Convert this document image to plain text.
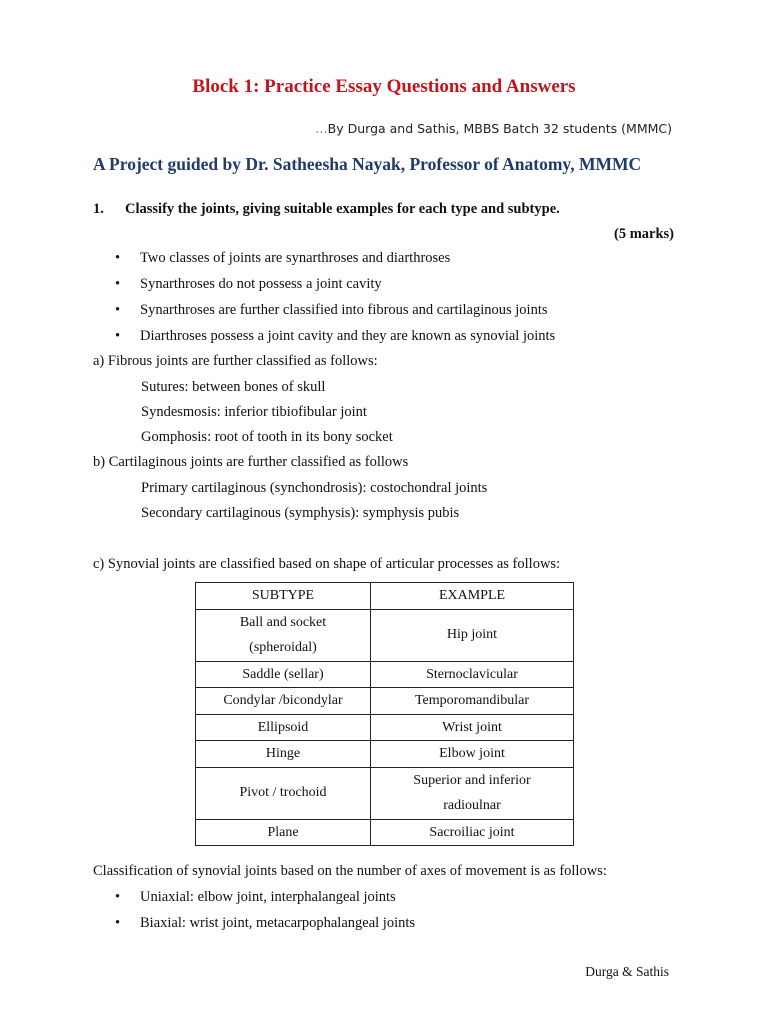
Block 1: Practice Essay Questions and Answers
…By Durga and Sathis, MBBS Batch 32 students (MMMC)
A Project guided by Dr. Satheesha Nayak, Professor of Anatomy, MMMC
1. Classify the joints, giving suitable examples for each type and subtype.
(5 marks)
• Two classes of joints are synarthroses and diarthroses
• Synarthroses do not possess a joint cavity
• Synarthroses are further classified into fibrous and cartilaginous joints
• Diarthroses possess a joint cavity and they are known as synovial joints
a) Fibrous joints are further classified as follows:
Sutures: between bones of skull
Syndesmosis: inferior tibiofibular joint
Gomphosis: root of tooth in its bony socket
b) Cartilaginous joints are further classified as follows
Primary cartilaginous (synchondrosis): costochondral joints
Secondary cartilaginous (symphysis): symphysis pubis
c) Synovial joints are classified based on shape of articular processes as follows:
SUBTYPE	EXAMPLE
Ball and socket
(spheroidal)	Hip joint
Saddle (sellar)	Sternoclavicular
Condylar /bicondylar	Temporomandibular
Ellipsoid	Wrist joint
Hinge	Elbow joint
Pivot / trochoid	Superior and inferior
radioulnar
Plane	Sacroiliac joint
Classification of synovial joints based on the number of axes of movement is as follows:
• Uniaxial: elbow joint, interphalangeal joints
• Biaxial: wrist joint, metacarpophalangeal joints
Durga & Sathis
